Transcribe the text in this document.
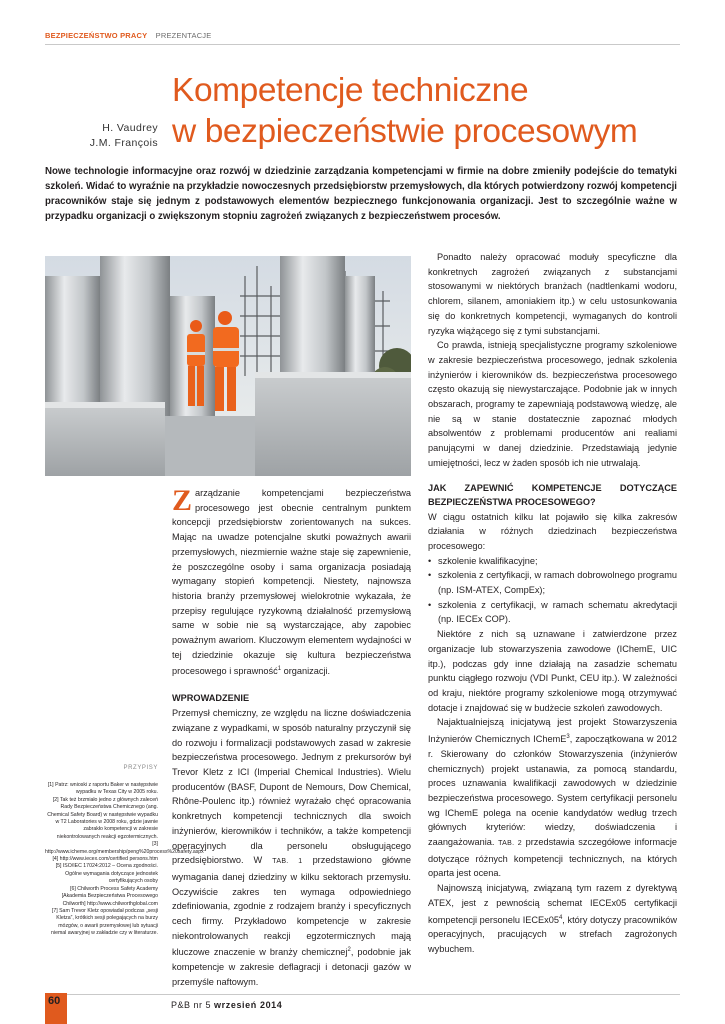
BEZPIECZEŃSTWO PRACY PREZENTACJE
H. Vaudrey
J.M. François
Kompetencje techniczne
w bezpieczeństwie procesowym

Nowe technologie informacyjne oraz rozwój w dziedzinie zarządzania kompetencjami w firmie na dobre zmieniły podejście do tematyki szkoleń. Widać to wyraźnie na przykładzie nowoczesnych przedsiębiorstw przemysłowych, dla których potwierdzony rozwój kompetencji pracowników staje się jednym z podstawowych elementów bezpiecznego funkcjonowania organizacji. Jest to szczególnie ważne w przypadku organizacji o zwiększonym stopniu zagrożeń związanych z bezpieczeństwem procesów.

Zarządzanie kompetencjami bezpieczeństwa procesowego jest obecnie centralnym punktem koncepcji przedsiębiorstw zorientowanych na sukces. Mając na uwadze potencjalne skutki poważnych awarii przemysłowych, niezmiernie ważne staje się zapewnienie, że poszczególne osoby i sama organizacja posiadają wymagany stopień kompetencji. Niestety, najnowsza historia branży przemysłowej wielokrotnie wykazała, że przepisy regulujące ryzykowną działalność przemysłową same w sobie nie są wystarczające, aby zapobiec poważnym awariom. Kluczowym elementem wydajności w tej dziedzinie okazuje się kultura bezpieczeństwa procesowego i sprawność$^1$ organizacji.

WPROWADZENIE

Przemysł chemiczny, ze względu na liczne doświadczenia związane z wypadkami, w sposób naturalny przyczynił się do rozwoju i formalizacji podstawowych zasad w zakresie bezpieczeństwa procesowego. Jednym z prekursorów był Trevor Kletz z ICI (Imperial Chemical Industries). Wielu producentów (BASF, Dupont de Nemours, Dow Chemical, Rhône-Poulenc itp.) również wyrażało chęć opracowania konkretnych kompetencji technicznych dla swoich inżynierów, kierowników i techników, a także kompetencji operacyjnych dla personelu obsługującego przedsiębiorstwo. W TAB. 1 przedstawiono główne wymagania danej dziedziny w kilku sektorach przemysłu. Oczywiście zakres ten wymaga odpowiedniego zdefiniowania, zgodnie z rodzajem branży i specyficznych cech firmy. Przykładowo kompetencje w zakresie niekontrolowanych reakcji egzotermicznych mają kluczowe znaczenie w branży chemicznej$^2$, podobnie jak kompetencje w zakresie deflagracji i detonacji gazów w przemyśle naftowym.

Ponadto należy opracować moduły specyficzne dla konkretnych zagrożeń związanych z substancjami stosowanymi w niektórych branżach (nadtlenkami wodoru, chlorem, silanem, amoniakiem itp.) w celu ustosunkowania się do konkretnych kompetencji, wymaganych do kontroli ryzyka wiążącego się z tymi substancjami.

Co prawda, istnieją specjalistyczne programy szkoleniowe w zakresie bezpieczeństwa procesowego, jednak szkolenia inżynierów i kierowników ds. bezpieczeństwa procesowego często okazują się niewystarczające. Podobnie jak w innych obszarach, programy te zapewniają podstawową wiedzę, ale nie są w stanie dostatecznie zapoznać młodych absolwentów z problemami producentów ani realiami panującymi w danej dziedzinie. Przedstawiają jedynie umiejętności, lecz w żaden sposób ich nie utrwalają.

JAK ZAPEWNIĆ KOMPETENCJE DOTYCZĄCE BEZPIECZEŃSTWA PROCESOWEGO?

W ciągu ostatnich kilku lat pojawiło się kilka zakresów działania w różnych dziedzinach bezpieczeństwa procesowego:

• szkolenie kwalifikacyjne;
• szkolenia z certyfikacji, w ramach dobrowolnego programu (np. ISM-ATEX, CompEx);
• szkolenia z certyfikacji, w ramach schematu akredytacji (np. IECEx COP).

Niektóre z nich są uznawane i zatwierdzone przez organizacje lub stowarzyszenia zawodowe (IChemE, UIC itp.), podczas gdy inne działają na zasadzie schematu punktu ciągłego rozwoju (VDI Punkt, CEU itp.). W zależności od kraju, niektóre programy szkoleniowe mogą otrzymywać dotacje i znajdować się w budżecie szkoleń zawodowych.

Najaktualniejszą inicjatywą jest projekt Stowarzyszenia Inżynierów Chemicznych IChemE$^3$, zapoczątkowana w 2012 r. Skierowany do członków Stowarzyszenia (inżynierów chemicznych) projekt ustanawia, za pomocą standardu, proces uznawania kwalifikacji zawodowych w dziedzinie bezpieczeństwa procesowego. System certyfikacji personelu wg IChemE polega na ocenie kandydatów według trzech głównych kryteriów: wiedzy, doświadczenia i zaangażowania. TAB. 2 przedstawia szczegółowe informacje dotyczące różnych kompetencji technicznych, na których oparta jest ocena.

Najnowszą inicjatywą, związaną tym razem z dyrektywą ATEX, jest z pewnością schemat IECEx05 certyfikacji kompetencji personelu $IECEx05^4$, który dotyczy pracowników operacyjnych, pracujących w strefach zagrożonych wybuchem.

PRZYPISY
[1] Patrz: wnioski z raportu Baker w następstwie wypadku w Texas City w 2005 roku.
[2] Tak też brzmiało jedno z głównych zaleceń Rady Bezpieczeństwa Chemicznego (ang. Chemical Safety Board) w następstwie wypadku w T2 Laboratories w 2008 roku, gdzie jawnie zabrakło kompetencji w zakresie niekontrolowanych reakcji egzotermicznych.
[3] http://www.icheme.org/membership/peng%20process%20safety.aspx
[4] http://www.iecex.com/certified persons.htm
[5] ISO/IEC 17024:2012 – Ocena zgodności. Ogólne wymagania dotyczące jednostek certyfikujących osoby
[6] Chilworth Process Safety Academy [Akademia Bezpieczeństwa Procesowego Chilworth] http://www.chilworthglobal.com
[7] Sam Trevor Kletz opowiadał podczas „sesji Kletza”, krótkich sesji polegających na burzy mózgów, o awarii przemysłowej lub sytuacji niemal awaryjnej w zakładzie czy w literaturze.
60	P&B nr 5 wrzesień 2014
